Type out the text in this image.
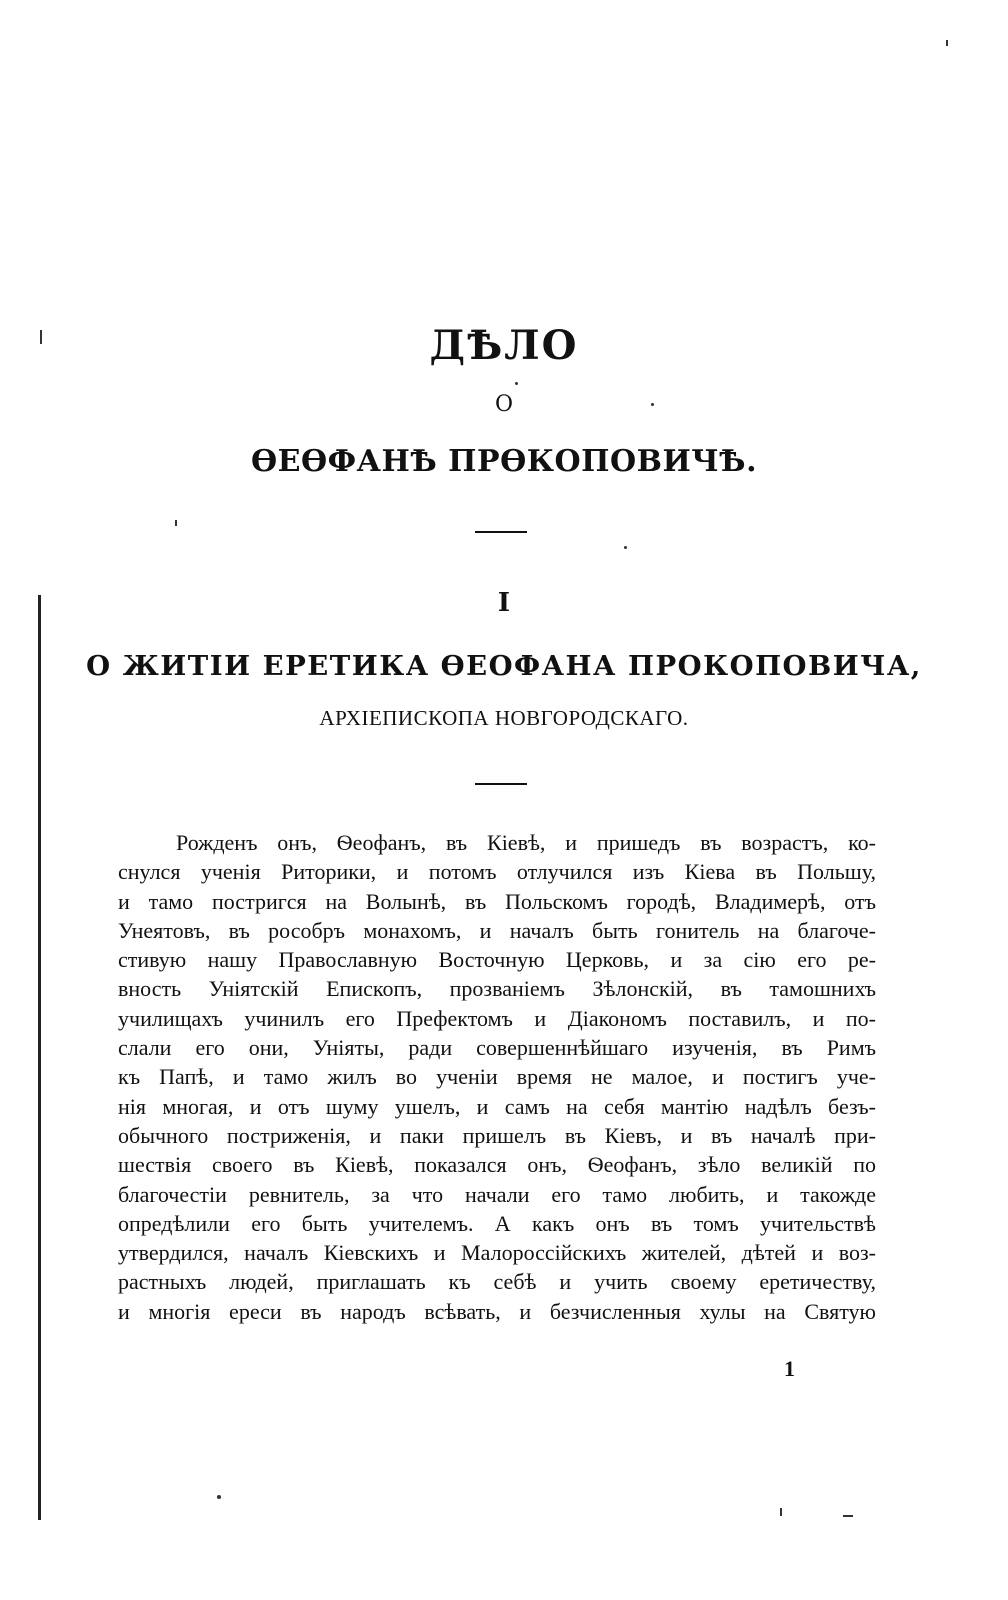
ДѢЛО
О
ѲЕѲФАНѢ ПРѲКОПОВИЧѢ.
I
О ЖИТІИ ЕРЕТИКА ѲЕОФАНА ПРОКОПОВИЧА,
АРХІЕПИСКОПА НОВГОРОДСКАГО.
Рожденъ онъ, Ѳеофанъ, въ Кіевѣ, и пришедъ въ возрастъ, ко-
снулся ученія Риторики, и потомъ отлучился изъ Кіева въ Польшу,
и тамо постригся на Волынѣ, въ Польскомъ городѣ, Владимерѣ, отъ
Унеятовъ, въ рособръ монахомъ, и началъ быть гонитель на благоче-
стивую нашу Православную Восточную Церковь, и за сію его ре-
вность Уніятскій Епископъ, прозваніемъ Зѣлонскій, въ тамошнихъ
училищахъ учинилъ его Префектомъ и Діакономъ поставилъ, и по-
слали его они, Уніяты, ради совершеннѣйшаго изученія, въ Римъ
къ Папѣ, и тамо жилъ во ученіи время не малое, и постигъ уче-
нія многая, и отъ шуму ушелъ, и самъ на себя мантію надѣлъ безъ-
обычного постриженія, и паки пришелъ въ Кіевъ, и въ началѣ при-
шествія своего въ Кіевѣ, показался онъ, Ѳеофанъ, зѣло великій по
благочестіи ревнитель, за что начали его тамо любить, и такожде
опредѣлили его быть учителемъ. А какъ онъ въ томъ учительствѣ
утвердился, началъ Кіевскихъ и Малороссійскихъ жителей, дѣтей и воз-
растныхъ людей, приглашать къ себѣ и учить своему еретичеству,
и многія ереси въ народъ всѣвать, и безчисленныя хулы на Святую
1
